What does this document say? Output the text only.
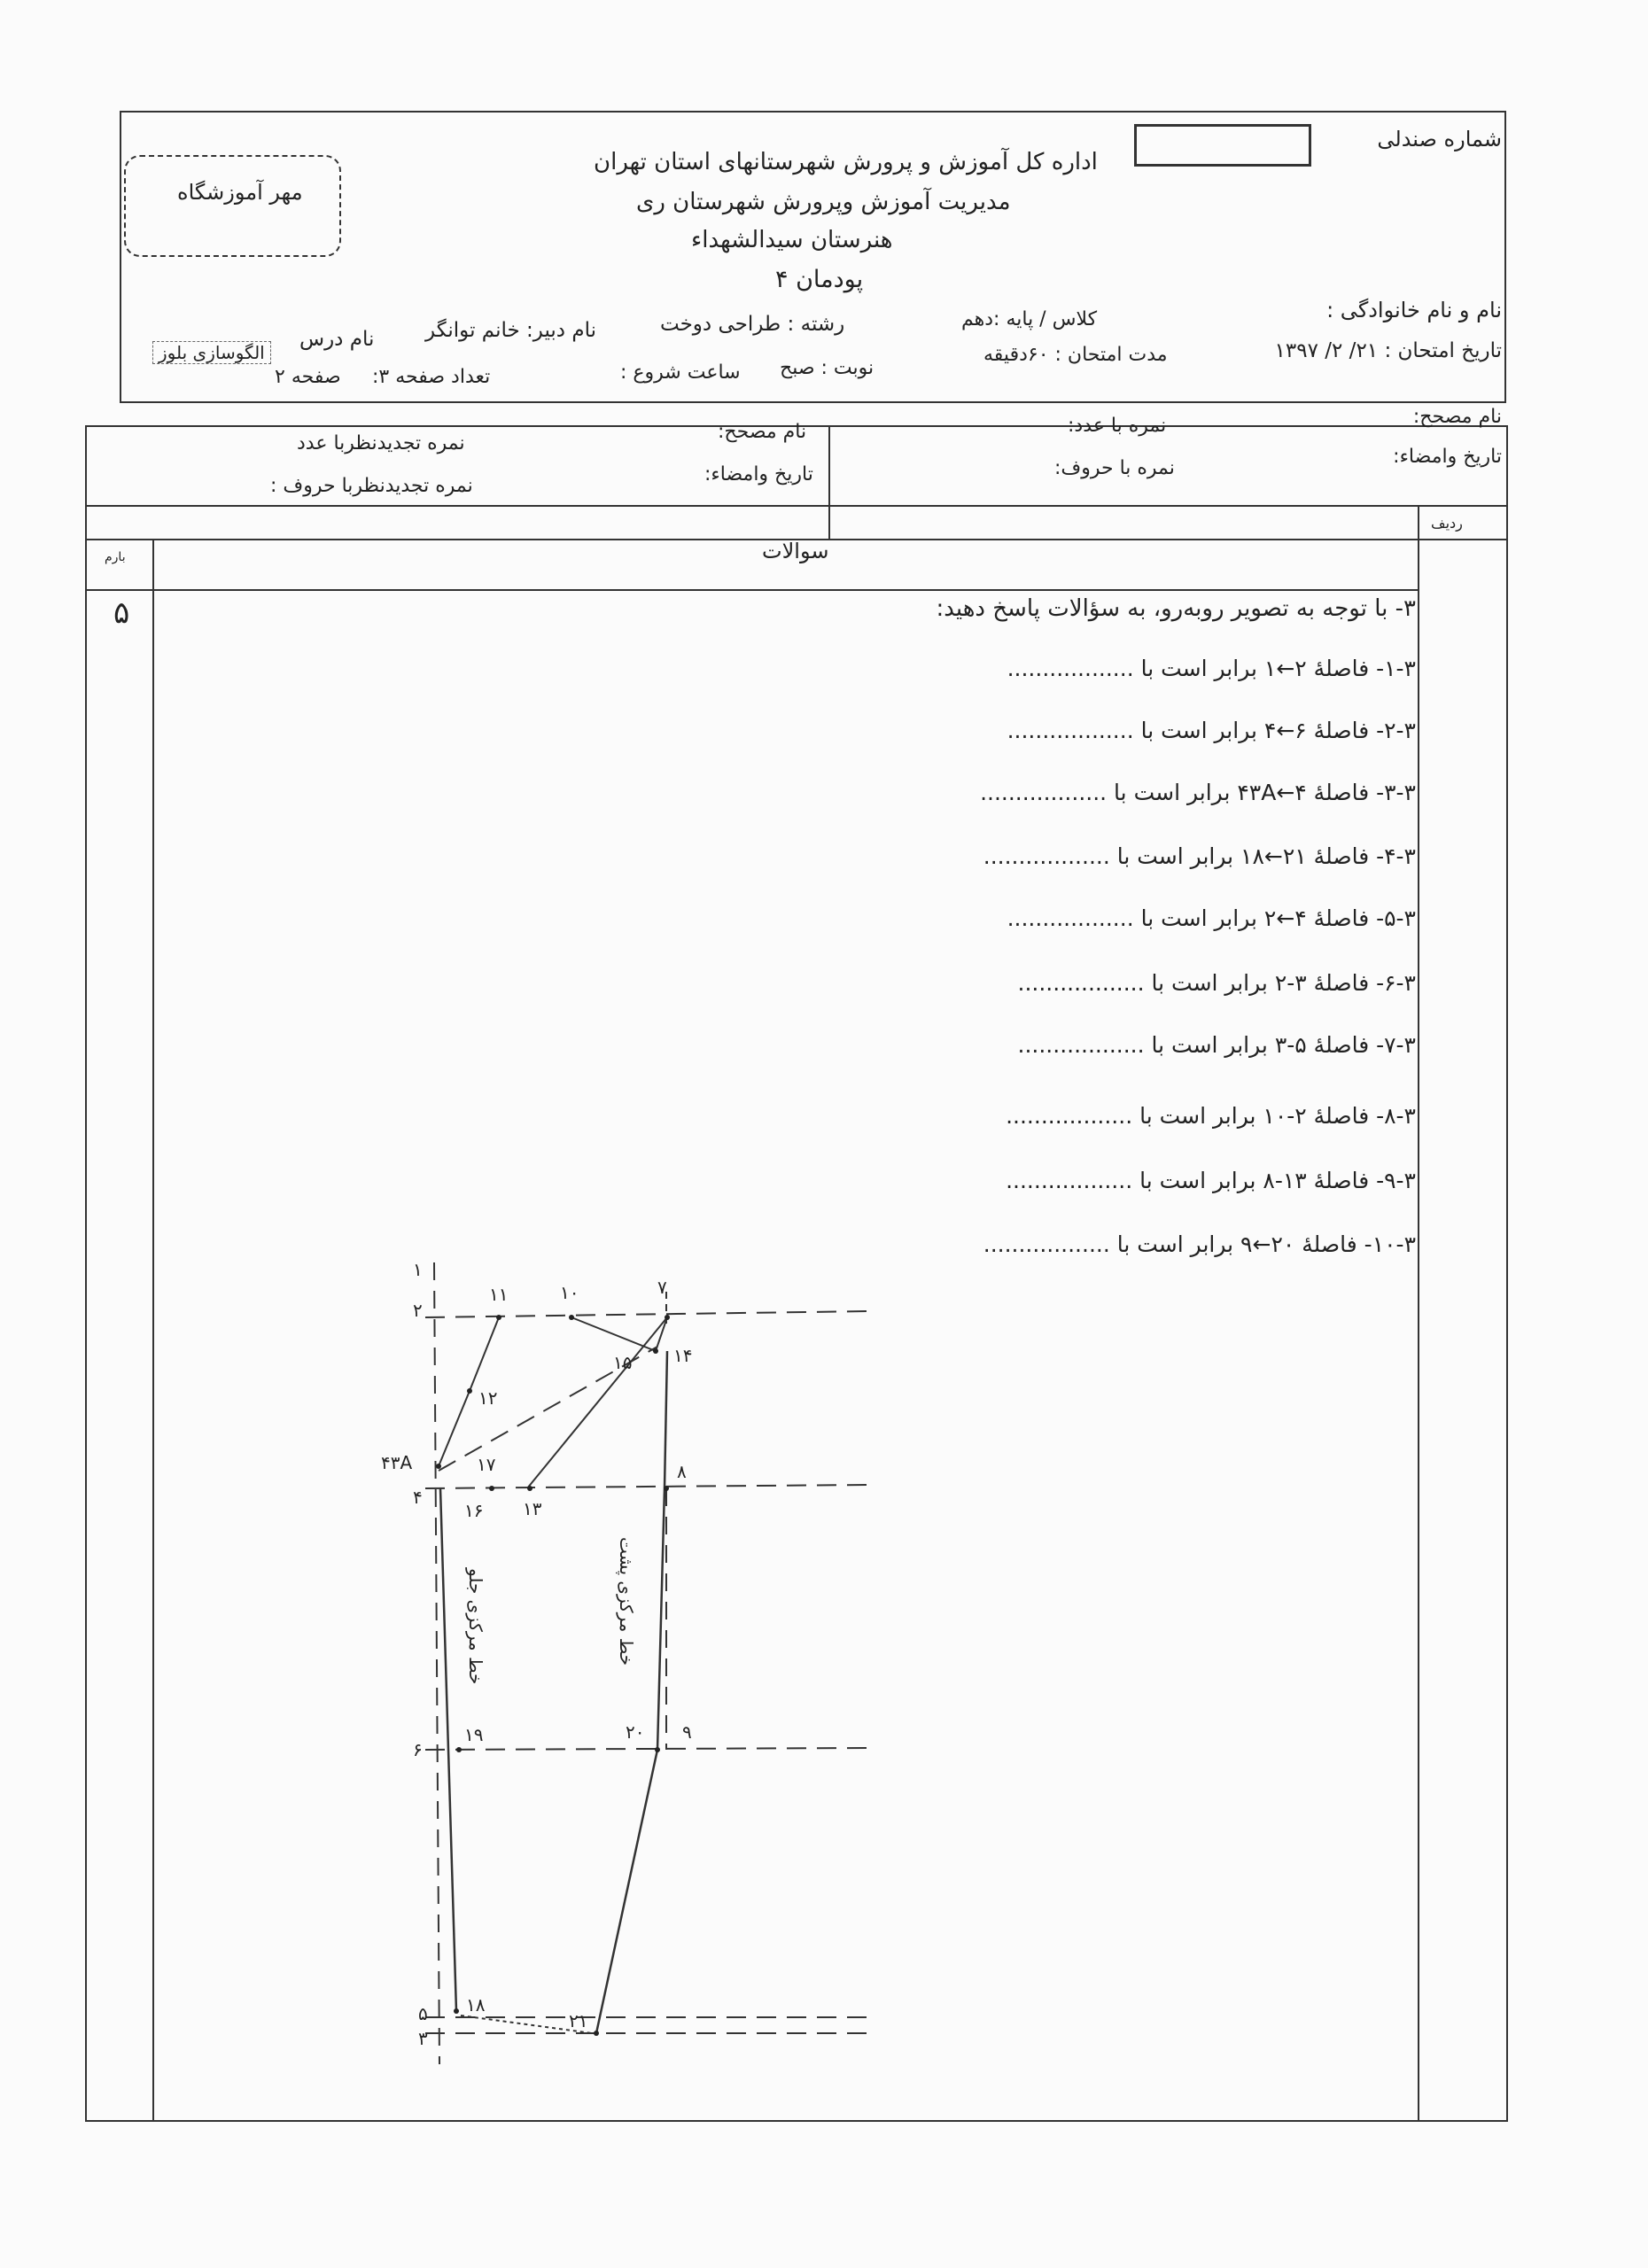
شماره صندلی
مهر آموزشگاه
اداره کل آموزش و پرورش شهرستانهای استان تهران
مدیریت آموزش وپرورش شهرستان ری
هنرستان سیدالشهداء
پودمان ۴
نام و نام خانوادگی :
کلاس / پایه :دهم
رشته : طراحی دوخت
نام دبیر: خانم توانگر
نام درس
الگوسازی بلوز	تاریخ امتحان : ۲۱/ ۲/ ۱۳۹۷
مدت امتحان : ۶۰دقیقه
نوبت : صبح
ساعت شروع :
تعداد صفحه ۳:
صفحه ۲
نام مصحح:
تاریخ وامضاء:
نمره با عدد:
نمره با حروف:
نام مصحح:
تاریخ وامضاء:
نمره تجدیدنظربا عدد
نمره تجدیدنظربا حروف :
ردیف
سوالات
بارم
۵	۳- با توجه به تصویر روبه‌رو، به سؤالات پاسخ دهید:
۱-۳- فاصلهٔ ۲←۱ برابر است با ..................
۲-۳- فاصلهٔ ۶←۴ برابر است با ..................
۳-۳- فاصلهٔ ۴←۴۳A برابر است با ..................
۴-۳- فاصلهٔ ۲۱←۱۸ برابر است با ..................
۵-۳- فاصلهٔ ۴←۲ برابر است با ..................
۶-۳- فاصلهٔ ۳-۲ برابر است با ..................
۷-۳- فاصلهٔ ۵-۳ برابر است با ..................
۸-۳- فاصلهٔ ۲-۱۰ برابر است با ..................
۹-۳- فاصلهٔ ۱۳-۸ برابر است با ..................
۱۰-۳- فاصلهٔ ۲۰←۹ برابر است با ..................
۱
۲
۱۱	۱۰	۷
۱۵ ۱۴
۱۲
۴۳A	۱۷	۸
۴
۱۶ ۱۳
۱۹	۲۰ ۹
۶
۱۸
۲۱
۵
۳
خط مرکزی جلو	خط مرکزی پشت
